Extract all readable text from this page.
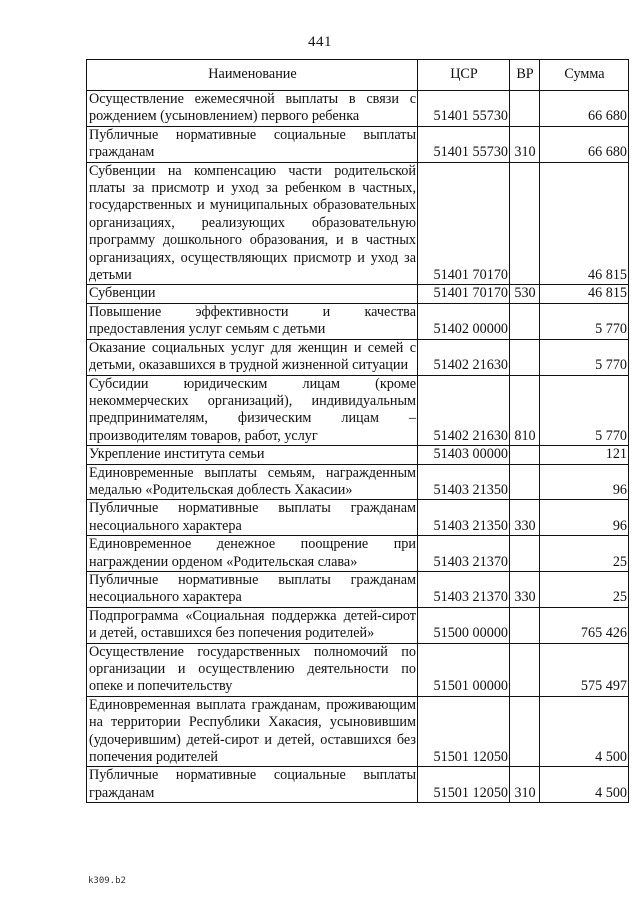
441
Наименование	ЦСР	ВР	Сумма
Осуществление ежемесячной выплаты в связи с рождением (усыновлением) первого ребенка	51401 55730		66 680
Публичные нормативные социальные выплаты гражданам	51401 55730	310	66 680
Субвенции на компенсацию части родительской платы за присмотр и уход за ребенком в частных, государственных и муниципальных образовательных организациях, реализующих образовательную программу дошкольного образования, и в частных организациях, осуществляющих присмотр и уход за детьми	51401 70170		46 815
Субвенции	51401 70170	530	46 815
Повышение эффективности и качества предоставления услуг семьям с детьми	51402 00000		5 770
Оказание социальных услуг для женщин и семей с детьми, оказавшихся в трудной жизненной ситуации	51402 21630		5 770
Субсидии юридическим лицам (кроме некоммерческих организаций), индивидуальным предпринимателям, физическим лицам – производителям товаров, работ, услуг	51402 21630	810	5 770
Укрепление института семьи	51403 00000		121
Единовременные выплаты семьям, награжденным медалью «Родительская доблесть Хакасии»	51403 21350		96
Публичные нормативные выплаты гражданам несоциального характера	51403 21350	330	96
Единовременное денежное поощрение при награждении орденом «Родительская слава»	51403 21370		25
Публичные нормативные выплаты гражданам несоциального характера	51403 21370	330	25
Подпрограмма «Социальная поддержка детей-сирот и детей, оставшихся без попечения родителей»	51500 00000		765 426
Осуществление государственных полномочий по организации и осуществлению деятельности по опеке и попечительству	51501 00000		575 497
Единовременная выплата гражданам, проживающим на территории Республики Хакасия, усыновившим (удочерившим) детей-сирот и детей, оставшихся без попечения родителей	51501 12050		4 500
Публичные нормативные социальные выплаты гражданам	51501 12050	310	4 500
k309.b2
